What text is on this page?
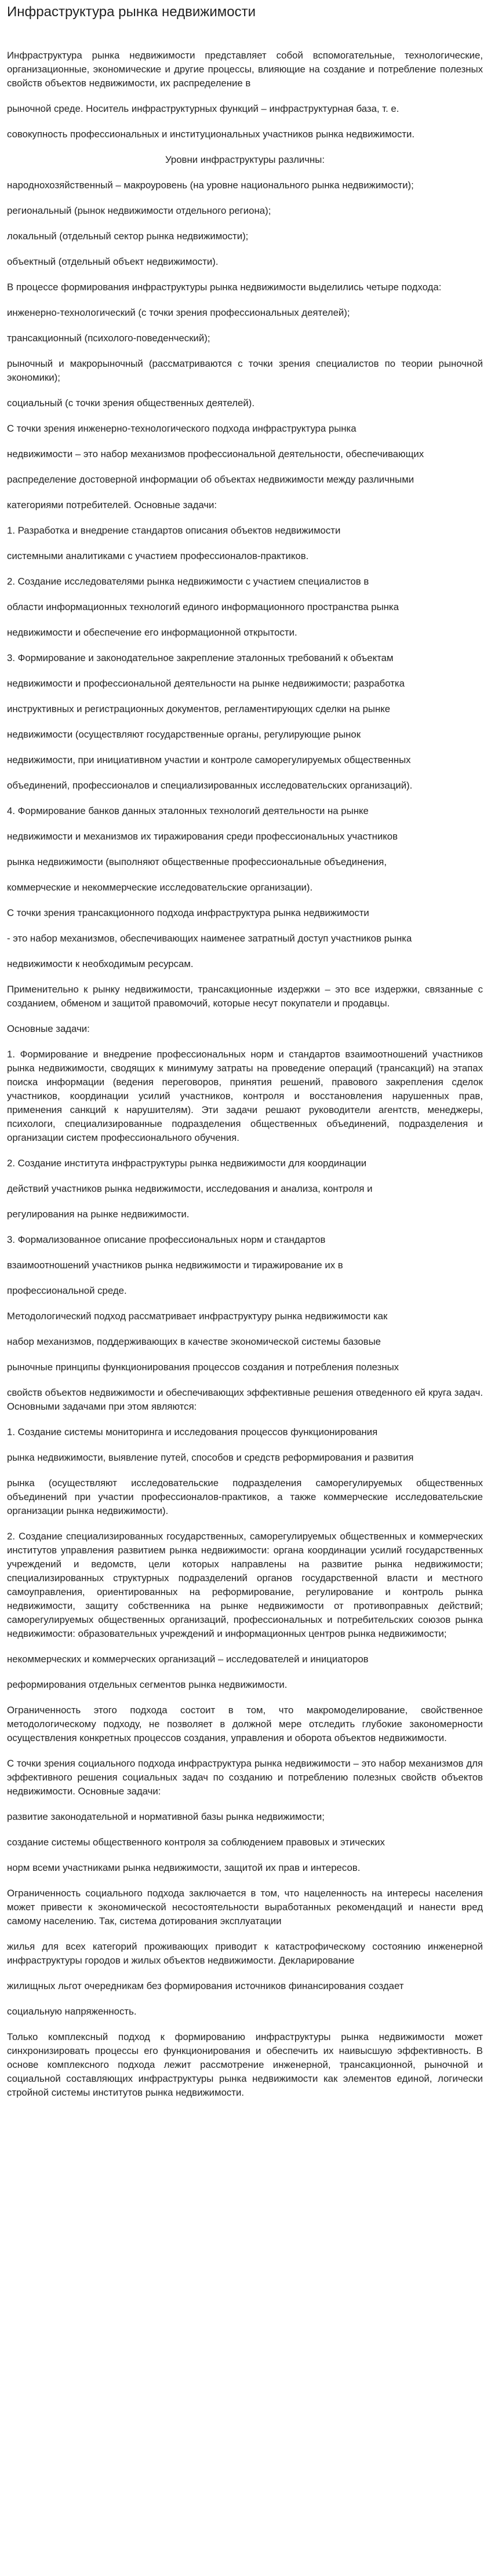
Инфраструктура рынка недвижимости

Инфраструктура рынка недвижимости представляет собой вспомогательные, технологические, организационные, экономические и другие процессы, влияющие на создание и потребление полезных свойств объектов недвижимости, их распределение в

рыночной среде. Носитель инфраструктурных функций – инфраструктурная база, т. е.

совокупность профессиональных и институциональных участников рынка недвижимости.

Уровни инфраструктуры различны:

народнохозяйственный – макроуровень (на уровне национального рынка недвижимости);

региональный (рынок недвижимости отдельного региона);

локальный (отдельный сектор рынка недвижимости);

объектный (отдельный объект недвижимости).

В процессе формирования инфраструктуры рынка недвижимости выделились четыре подхода:

инженерно-технологический (с точки зрения профессиональных деятелей);

трансакционный (психолого-поведенческий);

рыночный и макрорыночный (рассматриваются с точки зрения специалистов по теории рыночной экономики);

социальный (с точки зрения общественных деятелей).

С точки зрения инженерно-технологического подхода инфраструктура рынка

недвижимости – это набор механизмов профессиональной деятельности, обеспечивающих

распределение достоверной информации об объектах недвижимости между различными

категориями потребителей. Основные задачи:

1. Разработка и внедрение стандартов описания объектов недвижимости

системными аналитиками с участием профессионалов-практиков.

2. Создание исследователями рынка недвижимости с участием специалистов в

области информационных технологий единого информационного пространства рынка

недвижимости и обеспечение его информационной открытости.

3. Формирование и законодательное закрепление эталонных требований к объектам

недвижимости и профессиональной деятельности на рынке недвижимости; разработка

инструктивных и регистрационных документов, регламентирующих сделки на рынке

недвижимости (осуществляют государственные органы, регулирующие рынок

недвижимости, при инициативном участии и контроле саморегулируемых общественных

объединений, профессионалов и специализированных исследовательских организаций).

4. Формирование банков данных эталонных технологий деятельности на рынке

недвижимости и механизмов их тиражирования среди профессиональных участников

рынка недвижимости (выполняют общественные профессиональные объединения,

коммерческие и некоммерческие исследовательские организации).

С точки зрения трансакционного подхода инфраструктура рынка недвижимости

- это набор механизмов, обеспечивающих наименее затратный доступ участников рынка

недвижимости к необходимым ресурсам.

Применительно к рынку недвижимости, трансакционные издержки – это все издержки, связанные с созданием, обменом и защитой правомочий, которые несут покупатели и продавцы.

Основные задачи:

1. Формирование и внедрение профессиональных норм и стандартов взаимоотношений участников рынка недвижимости, сводящих к минимуму затраты на проведение операций (трансакций) на этапах поиска информации (ведения переговоров, принятия решений, правового закрепления сделок участников, координации усилий участников, контроля и восстановления нарушенных прав, применения санкций к нарушителям). Эти задачи решают руководители агентств, менеджеры, психологи, специализированные подразделения общественных объединений, подразделения и организации систем профессионального обучения.

2. Создание института инфраструктуры рынка недвижимости для координации

действий участников рынка недвижимости, исследования и анализа, контроля и

регулирования на рынке недвижимости.

3. Формализованное описание профессиональных норм и стандартов

взаимоотношений участников рынка недвижимости и тиражирование их в

профессиональной среде.

Методологический подход рассматривает инфраструктуру рынка недвижимости как

набор механизмов, поддерживающих в качестве экономической системы базовые

рыночные принципы функционирования процессов создания и потребления полезных

свойств объектов недвижимости и обеспечивающих эффективные решения отведенного ей круга задач. Основными задачами при этом являются:

1. Создание системы мониторинга и исследования процессов функционирования

рынка недвижимости, выявление путей, способов и средств реформирования и развития

рынка (осуществляют исследовательские подразделения саморегулируемых общественных объединений при участии профессионалов-практиков, а также коммерческие исследовательские организации рынка недвижимости).

2. Создание специализированных государственных, саморегулируемых общественных и коммерческих институтов управления развитием рынка недвижимости: органа координации усилий государственных учреждений и ведомств, цели которых направлены на развитие рынка недвижимости; специализированных структурных подразделений органов государственной власти и местного самоуправления, ориентированных на реформирование, регулирование и контроль рынка недвижимости, защиту собственника на рынке недвижимости от противоправных действий; саморегулируемых общественных организаций, профессиональных и потребительских союзов рынка недвижимости: образовательных учреждений и информационных центров рынка недвижимости;

некоммерческих и коммерческих организаций – исследователей и инициаторов

реформирования отдельных сегментов рынка недвижимости.

Ограниченность этого подхода состоит в том, что макромоделирование, свойственное методологическому подходу, не позволяет в должной мере отследить глубокие закономерности осуществления конкретных процессов создания, управления и оборота объектов недвижимости.

С точки зрения социального подхода инфраструктура рынка недвижимости – это набор механизмов для эффективного решения социальных задач по созданию и потреблению полезных свойств объектов недвижимости. Основные задачи:

развитие законодательной и нормативной базы рынка недвижимости;

создание системы общественного контроля за соблюдением правовых и этических

норм всеми участниками рынка недвижимости, защитой их прав и интересов.

Ограниченность социального подхода заключается в том, что нацеленность на интересы населения может привести к экономической несостоятельности выработанных рекомендаций и нанести вред самому населению. Так, система дотирования эксплуатации

жилья для всех категорий проживающих приводит к катастрофическому состоянию инженерной инфраструктуры городов и жилых объектов недвижимости. Декларирование

жилищных льгот очередникам без формирования источников финансирования создает

социальную напряженность.

Только комплексный подход к формированию инфраструктуры рынка недвижимости может синхронизировать процессы его функционирования и обеспечить их наивысшую эффективность. В основе комплексного подхода лежит рассмотрение инженерной, трансакционной, рыночной и социальной составляющих инфраструктуры рынка недвижимости как элементов единой, логически стройной системы институтов рынка недвижимости.
